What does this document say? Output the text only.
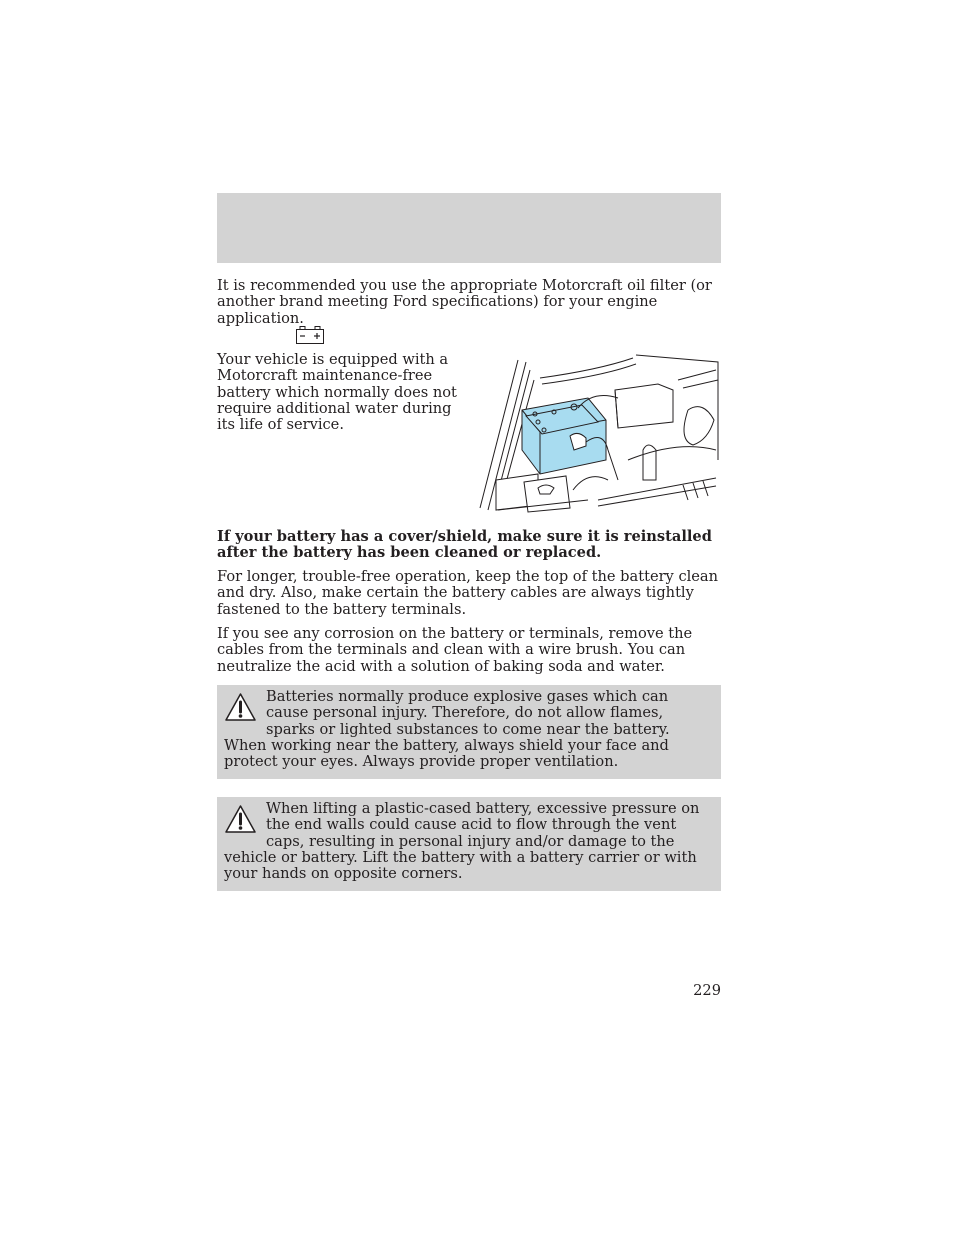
It is recommended you use the appropriate Motorcraft oil filter (or another brand meeting Ford specifications) for your engine application.

Your vehicle is equipped with a Motorcraft maintenance-free battery which normally does not require additional water during its life of service.

If your battery has a cover/shield, make sure it is reinstalled after the battery has been cleaned or replaced.

For longer, trouble-free operation, keep the top of the battery clean and dry. Also, make certain the battery cables are always tightly fastened to the battery terminals.

If you see any corrosion on the battery or terminals, remove the cables from the terminals and clean with a wire brush. You can neutralize the acid with a solution of baking soda and water.

Batteries normally produce explosive gases which can cause personal injury. Therefore, do not allow flames, sparks or lighted substances to come near the battery. When working near the battery, always shield your face and protect your eyes. Always provide proper ventilation.
When lifting a plastic-cased battery, excessive pressure on the end walls could cause acid to flow through the vent caps, resulting in personal injury and/or damage to the vehicle or battery. Lift the battery with a battery carrier or with your hands on opposite corners.
229
